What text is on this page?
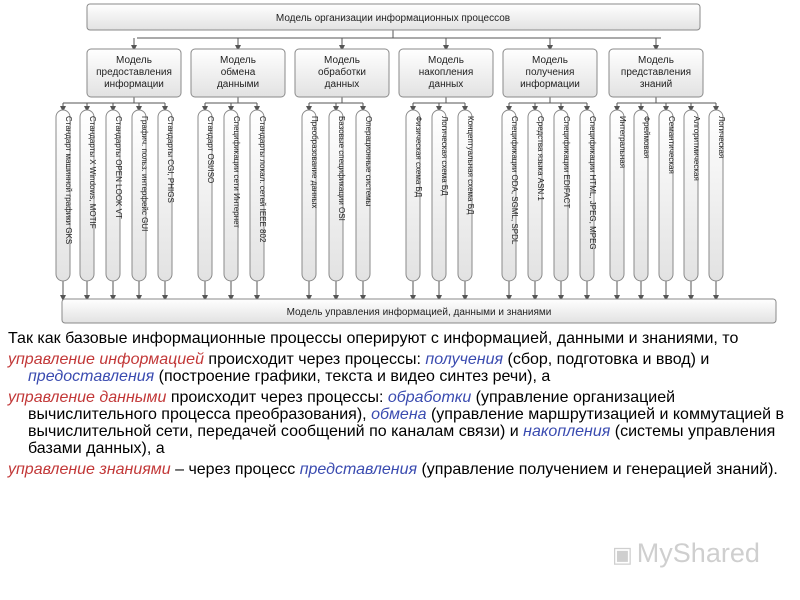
Модель организации информационных процессов
Модель управления информацией, данными и знаниями
Модель
предоставления
информации
Стандарт машинной графики GKS Стандарты X Windows, MOTIF Стандарты OPEN LOOK VT Графич. польз. интерфейс GUI Стандарты CGI, PHIGS
Модель
обмена
данными
Стандарт OSI/ISO Спецификации сети Интернет Стандарты локал. сетей IEEE 802
Модель
обработки
данных
Преобразование данных Базовые спецификации OSI Операционные системы
Модель
накопления
данных
Физическая схема БД Логическая схема БД Концептуальная схема БД
Модель
получения
информации
Спецификации ODA, SGML, SPDL Средства языка ASN.1 Спецификации EDIFACT Спецификации HTML, JPEG, MPEG
Модель
представления
знаний
Интегральная Фреймовая Семантическая Алгоритмическая Логическая

Так как базовые информационные процессы оперируют с информацией, данными и знаниями, то

управление информацией происходит через процессы: получения (сбор, подготовка и ввод) и предоставления (построение графики, текста и видео синтез речи), а

управление данными происходит через процессы: обработки (управление организацией вычислительного процесса преобразования), обмена (управление маршрутизацией и коммутацией в вычислительной сети, передачей сообщений по каналам связи) и накопления (системы управления базами данных), а

управление знаниями – через процесс представления (управление получением и генерацией знаний).

▣ MyShared
